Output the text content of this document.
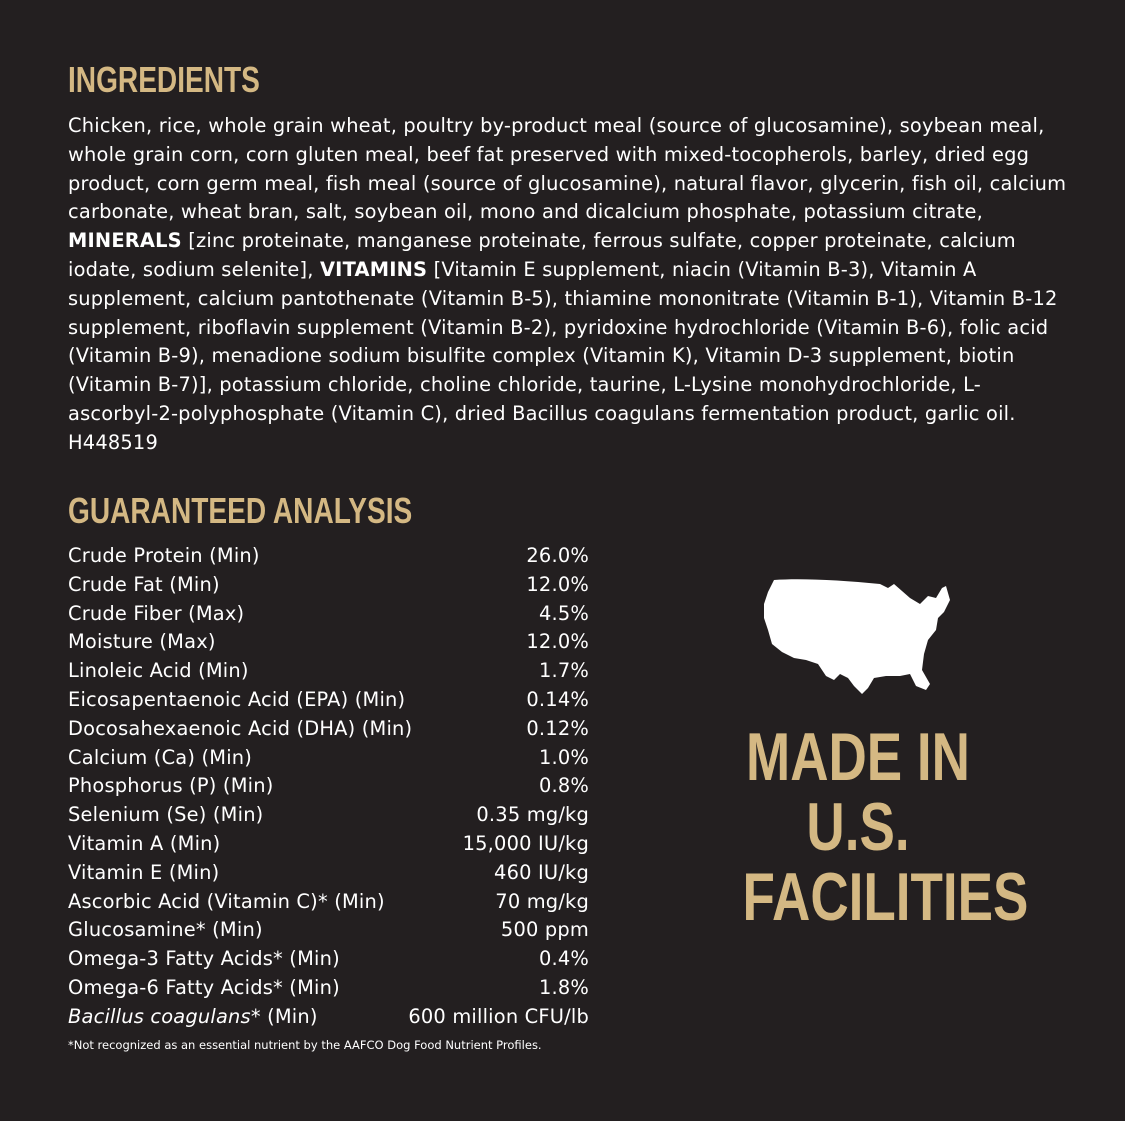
INGREDIENTS

Chicken, rice, whole grain wheat, poultry by-product meal (source of glucosamine), soybean meal, whole grain corn, corn gluten meal, beef fat preserved with mixed-tocopherols, barley, dried egg product, corn germ meal, fish meal (source of glucosamine), natural flavor, glycerin, fish oil, calcium carbonate, wheat bran, salt, soybean oil, mono and dicalcium phosphate, potassium citrate, MINERALS [zinc proteinate, manganese proteinate, ferrous sulfate, copper proteinate, calcium iodate, sodium selenite], VITAMINS [Vitamin E supplement, niacin (Vitamin B-3), Vitamin A supplement, calcium pantothenate (Vitamin B-5), thiamine mononitrate (Vitamin B-1), Vitamin B-12 supplement, riboflavin supplement (Vitamin B-2), pyridoxine hydrochloride (Vitamin B-6), folic acid (Vitamin B-9), menadione sodium bisulfite complex (Vitamin K), Vitamin D-3 supplement, biotin (Vitamin B-7)], potassium chloride, choline chloride, taurine, L-Lysine monohydrochloride, L-ascorbyl-2-polyphosphate (Vitamin C), dried Bacillus coagulans fermentation product, garlic oil. H448519

GUARANTEED ANALYSIS
Crude Protein (Min)	26.0%
Crude Fat (Min)	12.0%
Crude Fiber (Max)	4.5%
Moisture (Max)	12.0%
Linoleic Acid (Min)	1.7%
Eicosapentaenoic Acid (EPA) (Min)	0.14%
Docosahexaenoic Acid (DHA) (Min)	0.12%
Calcium (Ca) (Min)	1.0%
Phosphorus (P) (Min)	0.8%
Selenium (Se) (Min)	0.35 mg/kg
Vitamin A (Min)	15,000 IU/kg
Vitamin E (Min)	460 IU/kg
Ascorbic Acid (Vitamin C)* (Min)	70 mg/kg
Glucosamine* (Min)	500 ppm
Omega-3 Fatty Acids* (Min)	0.4%
Omega-6 Fatty Acids* (Min)	1.8%
Bacillus coagulans* (Min)	600 million CFU/lb

*Not recognized as an essential nutrient by the AAFCO Dog Food Nutrient Profiles.

MADE IN
U.S.
FACILITIES
